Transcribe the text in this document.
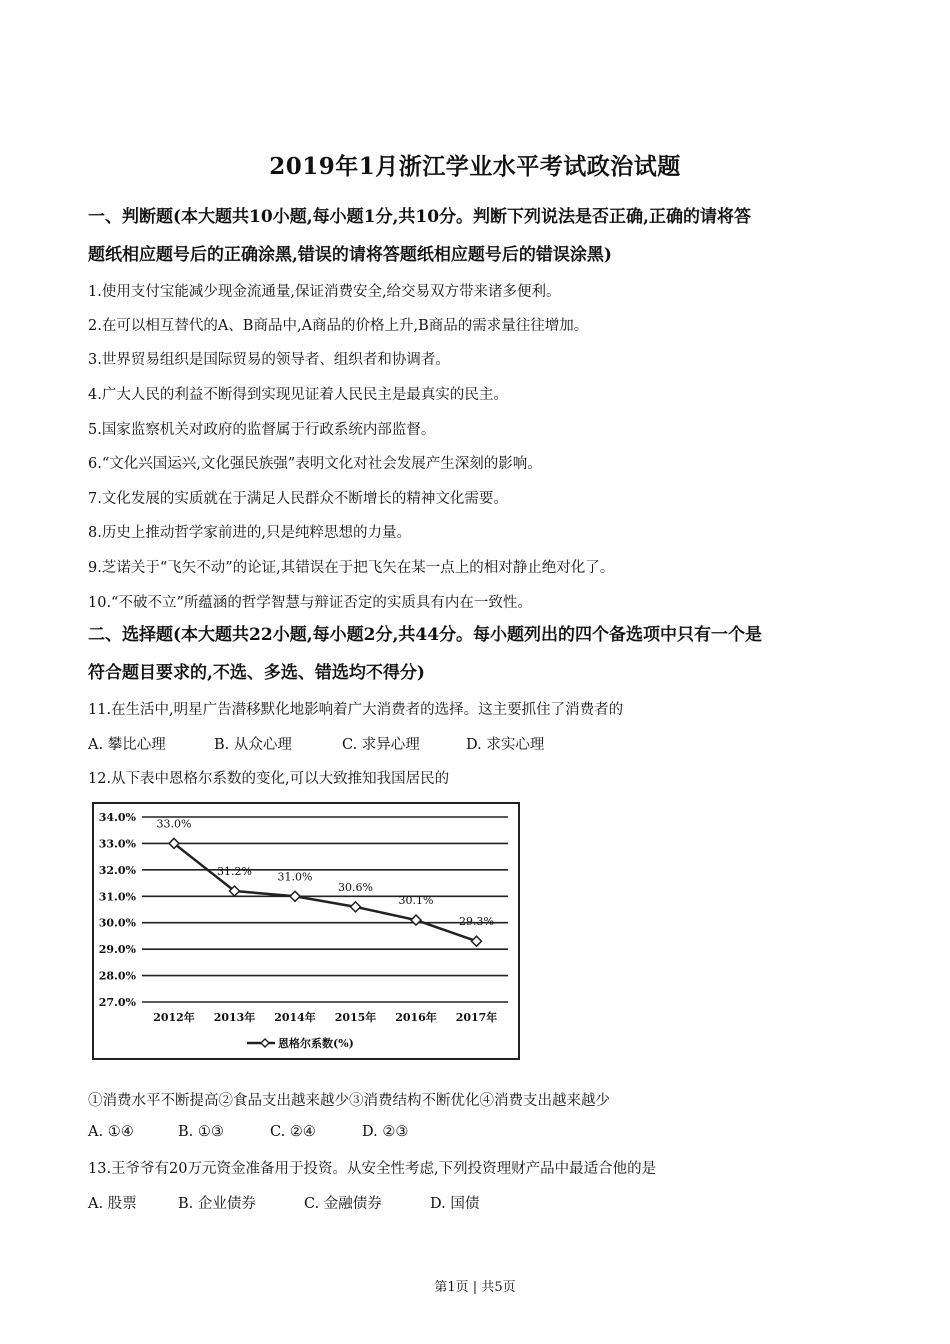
2019年1月浙江学业水平考试政治试题
一、判断题(本大题共10小题,每小题1分,共10分。判断下列说法是否正确,正确的请将答
题纸相应题号后的正确涂黑,错误的请将答题纸相应题号后的错误涂黑)
1.使用支付宝能减少现金流通量,保证消费安全,给交易双方带来诸多便利。
2.在可以相互替代的A、B商品中,A商品的价格上升,B商品的需求量往往增加。
3.世界贸易组织是国际贸易的领导者、组织者和协调者。
4.广大人民的利益不断得到实现见证着人民民主是最真实的民主。
5.国家监察机关对政府的监督属于行政系统内部监督。
6.“文化兴国运兴,文化强民族强”表明文化对社会发展产生深刻的影响。
7.文化发展的实质就在于满足人民群众不断增长的精神文化需要。
8.历史上推动哲学家前进的,只是纯粹思想的力量。
9.芝诺关于“飞矢不动”的论证,其错误在于把飞矢在某一点上的相对静止绝对化了。
10.“不破不立”所蕴涵的哲学智慧与辩证否定的实质具有内在一致性。
二、选择题(本大题共22小题,每小题2分,共44分。每小题列出的四个备选项中只有一个是
符合题目要求的,不选、多选、错选均不得分)
11.在生活中,明星广告潜移默化地影响着广大消费者的选择。这主要抓住了消费者的
A. 攀比心理	B. 从众心理	C. 求异心理	D. 求实心理
12.从下表中恩格尔系数的变化,可以大致推知我国居民的
34.0%
33.0%
32.0%
31.0%
30.0%
29.0%
28.0%
27.0%
2012年 2013年 2014年 2015年 2016年 2017年
33.0%
31.2% 31.0%
30.6%
30.1%
29.3%
恩格尔系数(%)
①消费水平不断提高②食品支出越来越少③消费结构不断优化④消费支出越来越少
A. ①④	B. ①③	C. ②④	D. ②③
13.王爷爷有20万元资金准备用于投资。从安全性考虑,下列投资理财产品中最适合他的是
A. 股票	B. 企业债券	C. 金融债券	D. 国债
第1页 | 共5页
